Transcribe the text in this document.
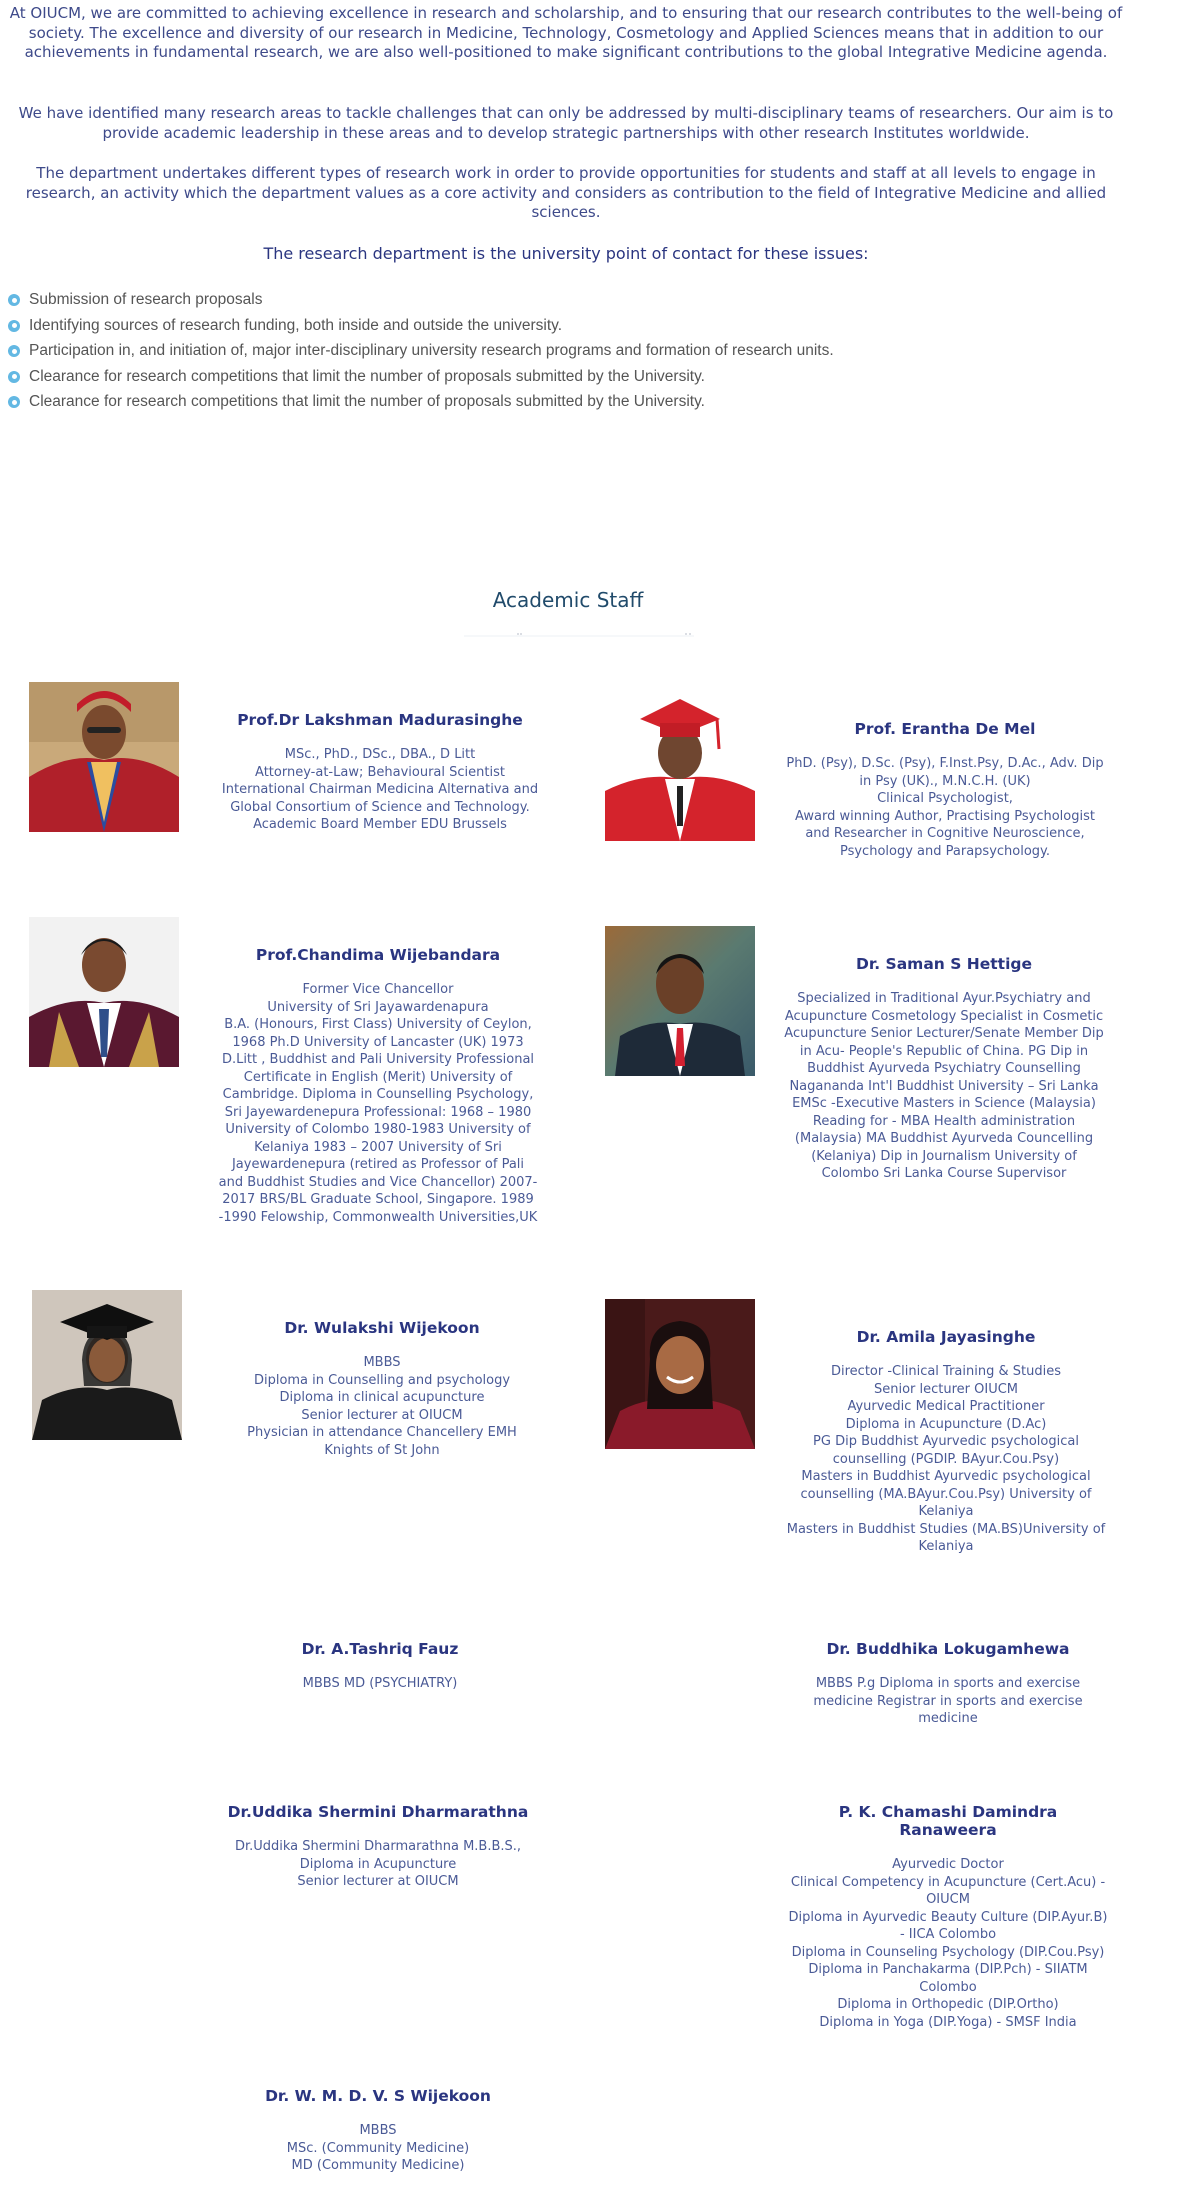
At OIUCM, we are committed to achieving excellence in research and scholarship, and to ensuring that our research contributes to the well-being of society. The excellence and diversity of our research in Medicine, Technology, Cosmetology and Applied Sciences means that in addition to our achievements in fundamental research, we are also well-positioned to make significant contributions to the global Integrative Medicine agenda.

We have identified many research areas to tackle challenges that can only be addressed by multi-disciplinary teams of researchers. Our aim is to provide academic leadership in these areas and to develop strategic partnerships with other research Institutes worldwide.

The department undertakes different types of research work in order to provide opportunities for students and staff at all levels to engage in research, an activity which the department values as a core activity and considers as contribution to the field of Integrative Medicine and allied sciences.

The research department is the university point of contact for these issues:
Submission of research proposals
Identifying sources of research funding, both inside and outside the university.
Participation in, and initiation of, major inter-disciplinary university research programs and formation of research units.
Clearance for research competitions that limit the number of proposals submitted by the University.
Clearance for research competitions that limit the number of proposals submitted by the University.
Academic Staff

Prof.Dr Lakshman Madurasinghe

MSc., PhD., DSc., DBA., D Litt
Attorney-at-Law; Behavioural Scientist International Chairman Medicina Alternativa and Global Consortium of Science and Technology. Academic Board Member EDU Brussels

Prof. Erantha De Mel

PhD. (Psy), D.Sc. (Psy), F.Inst.Psy, D.Ac., Adv. Dip in Psy (UK)., M.N.C.H. (UK)
Clinical Psychologist,
Award winning Author, Practising Psychologist and Researcher in Cognitive Neuroscience, Psychology and Parapsychology.

Prof.Chandima Wijebandara

Former Vice Chancellor
University of Sri Jayawardenapura
B.A. (Honours, First Class) University of Ceylon, 1968 Ph.D University of Lancaster (UK) 1973 D.Litt , Buddhist and Pali University Professional Certificate in English (Merit) University of Cambridge. Diploma in Counselling Psychology, Sri Jayewardenepura Professional: 1968 – 1980 University of Colombo 1980-1983 University of Kelaniya 1983 – 2007 University of Sri Jayewardenepura (retired as Professor of Pali and Buddhist Studies and Vice Chancellor) 2007- 2017 BRS/BL Graduate School, Singapore. 1989 -1990 Felowship, Commonwealth Universities,UK

Dr. Saman S Hettige

Specialized in Traditional Ayur.Psychiatry and Acupuncture Cosmetology Specialist in Cosmetic Acupuncture Senior Lecturer/Senate Member Dip in Acu- People's Republic of China. PG Dip in Buddhist Ayurveda Psychiatry Counselling Nagananda Int'l Buddhist University – Sri Lanka EMSc -Executive Masters in Science (Malaysia) Reading for - MBA Health administration (Malaysia) MA Buddhist Ayurveda Councelling (Kelaniya) Dip in Journalism University of Colombo Sri Lanka Course Supervisor

Dr. Wulakshi Wijekoon

MBBS
Diploma in Counselling and psychology
Diploma in clinical acupuncture
Senior lecturer at OIUCM
Physician in attendance Chancellery EMH
Knights of St John

Dr. Amila Jayasinghe

Director -Clinical Training & Studies
Senior lecturer OIUCM
Ayurvedic Medical Practitioner
Diploma in Acupuncture (D.Ac)
PG Dip Buddhist Ayurvedic psychological counselling (PGDIP. BAyur.Cou.Psy)
Masters in Buddhist Ayurvedic psychological counselling (MA.BAyur.Cou.Psy) University of Kelaniya
Masters in Buddhist Studies (MA.BS)University of Kelaniya

Dr. A.Tashriq Fauz

MBBS MD (PSYCHIATRY)

Dr. Buddhika Lokugamhewa

MBBS P.g Diploma in sports and exercise medicine Registrar in sports and exercise medicine

Dr.Uddika Shermini Dharmarathna

Dr.Uddika Shermini Dharmarathna M.B.B.S.,
Diploma in Acupuncture
Senior lecturer at OIUCM

P. K. Chamashi Damindra Ranaweera

Ayurvedic Doctor
Clinical Competency in Acupuncture (Cert.Acu) - OIUCM
Diploma in Ayurvedic Beauty Culture (DIP.Ayur.B) - IICA Colombo
Diploma in Counseling Psychology (DIP.Cou.Psy)
Diploma in Panchakarma (DIP.Pch) - SIIATM Colombo
Diploma in Orthopedic (DIP.Ortho)
Diploma in Yoga (DIP.Yoga) - SMSF India

Dr. W. M. D. V. S Wijekoon

MBBS
MSc. (Community Medicine)
MD (Community Medicine)
